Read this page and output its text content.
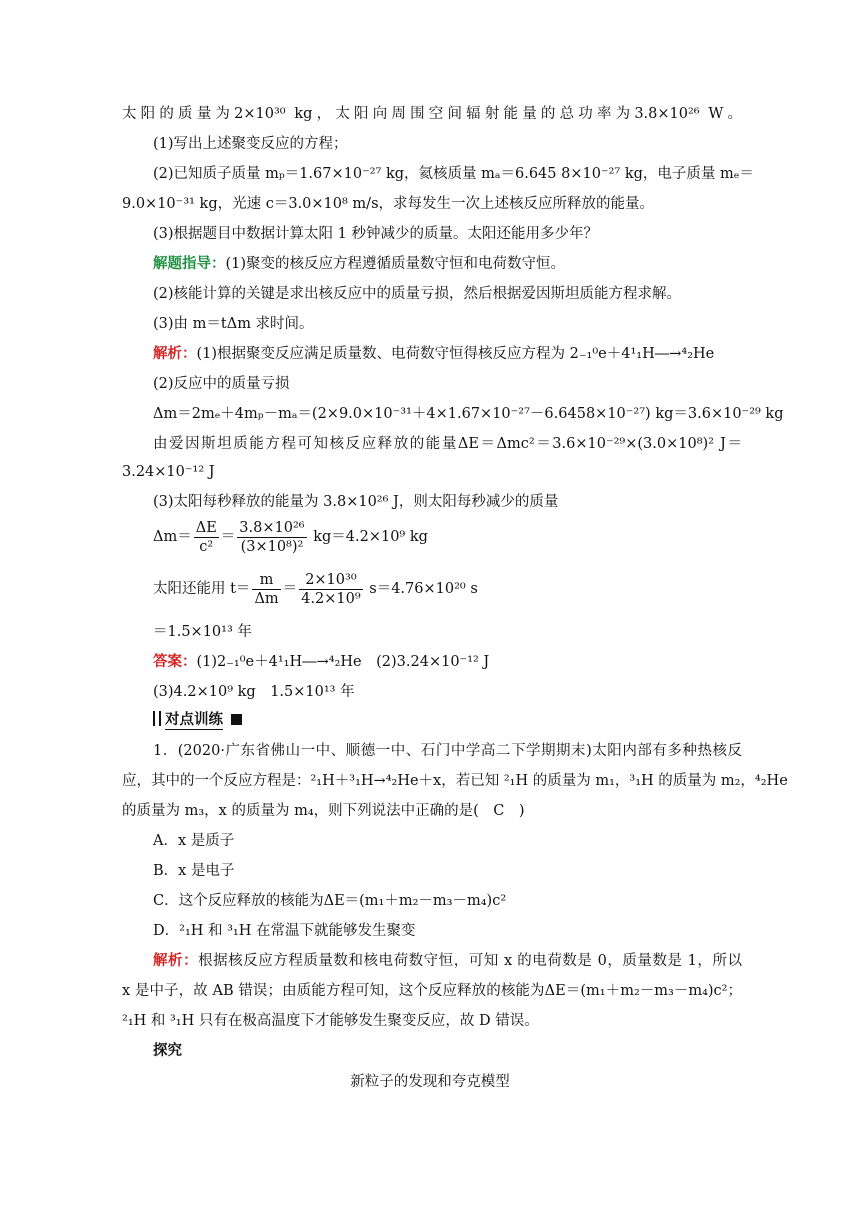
太阳的质量为2×10³⁰ kg，太阳向周围空间辐射能量的总功率为3.8×10²⁶ W。
(1)写出上述聚变反应的方程；
(2)已知质子质量 mₚ＝1.67×10⁻²⁷ kg，氦核质量 mₐ＝6.645 8×10⁻²⁷ kg，电子质量 mₑ＝
9.0×10⁻³¹ kg，光速 c＝3.0×10⁸ m/s，求每发生一次上述核反应所释放的能量。
(3)根据题目中数据计算太阳 1 秒钟减少的质量。太阳还能用多少年？
解题指导：(1)聚变的核反应方程遵循质量数守恒和电荷数守恒。
(2)核能计算的关键是求出核反应中的质量亏损，然后根据爱因斯坦质能方程求解。
(3)由 m＝tΔm 求时间。
解析：(1)根据聚变反应满足质量数、电荷数守恒得核反应方程为 2₋₁⁰e＋4¹₁H―→⁴₂He
(2)反应中的质量亏损
Δm＝2mₑ＋4mₚ－mₐ＝(2×9.0×10⁻³¹＋4×1.67×10⁻²⁷－6.6458×10⁻²⁷) kg＝3.6×10⁻²⁹ kg
由爱因斯坦质能方程可知核反应释放的能量ΔE＝Δmc²＝3.6×10⁻²⁹×(3.0×10⁸)² J＝
3.24×10⁻¹² J
(3)太阳每秒释放的能量为 3.8×10²⁶ J，则太阳每秒减少的质量
$\Delta m= \frac{\Delta E}{\text{c²}} = \frac{\text{3.8×10²⁶}}{\text{(3×10⁸)²}} kg=4.2\times 10^9$ kg
太阳还能用 $t= \frac{m}{\Delta m} = \frac{\text{2×10³⁰}}{\text{4.2×10⁹}} s=4.76\times 10^{20}$ s
＝1.5×10¹³ 年
答案：(1)2₋₁⁰e＋4¹₁H―→⁴₂He　(2)3.24×10⁻¹² J
(3)4.2×10⁹ kg　1.5×10¹³ 年
对点训练
1．(2020·广东省佛山一中、顺德一中、石门中学高二下学期期末)太阳内部有多种热核反
应，其中的一个反应方程是：²₁H＋³₁H→⁴₂He＋x，若已知 ²₁H 的质量为 m₁，³₁H 的质量为 m₂，⁴₂He
的质量为 m₃，x 的质量为 m₄，则下列说法中正确的是(　C　)
A．x 是质子
B．x 是电子
C．这个反应释放的核能为ΔE＝(m₁＋m₂－m₃－m₄)c²
D．²₁H 和 ³₁H 在常温下就能够发生聚变
解析：根据核反应方程质量数和核电荷数守恒，可知 x 的电荷数是 0，质量数是 1，所以
x 是中子，故 AB 错误；由质能方程可知，这个反应释放的核能为ΔE＝(m₁＋m₂－m₃－m₄)c²；
²₁H 和 ³₁H 只有在极高温度下才能够发生聚变反应，故 D 错误。
探究
新粒子的发现和夸克模型
